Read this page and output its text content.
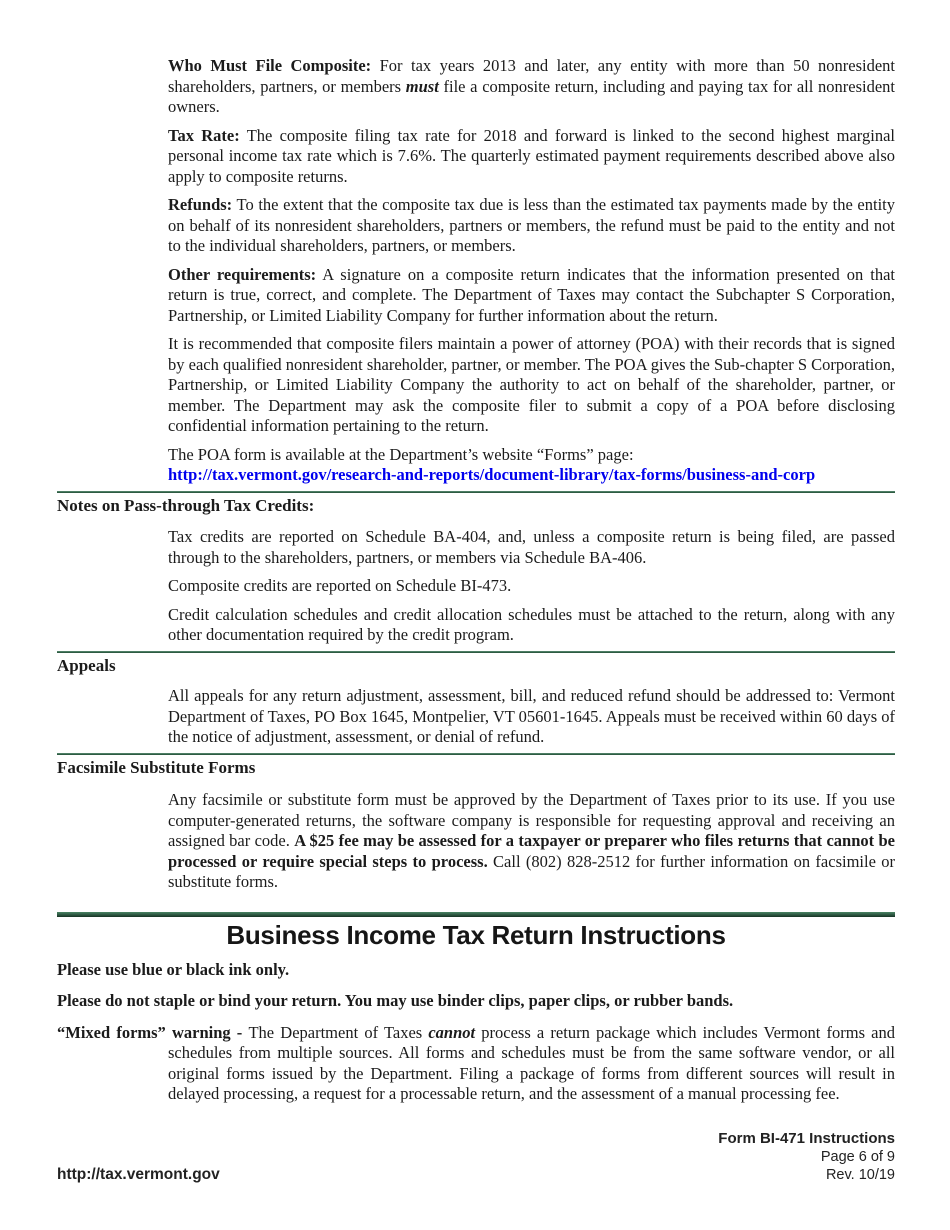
Who Must File Composite: For tax years 2013 and later, any entity with more than 50 nonresident shareholders, partners, or members must file a composite return, including and paying tax for all nonresident owners.

Tax Rate: The composite filing tax rate for 2018 and forward is linked to the second highest marginal personal income tax rate which is 7.6%. The quarterly estimated payment requirements described above also apply to composite returns.

Refunds: To the extent that the composite tax due is less than the estimated tax payments made by the entity on behalf of its nonresident shareholders, partners or members, the refund must be paid to the entity and not to the individual shareholders, partners, or members.

Other requirements: A signature on a composite return indicates that the information presented on that return is true, correct, and complete. The Department of Taxes may contact the Subchapter S Corporation, Partnership, or Limited Liability Company for further information about the return.

It is recommended that composite filers maintain a power of attorney (POA) with their records that is signed by each qualified nonresident shareholder, partner, or member. The POA gives the Sub-chapter S Corporation, Partnership, or Limited Liability Company the authority to act on behalf of the shareholder, partner, or member. The Department may ask the composite filer to submit a copy of a POA before disclosing confidential information pertaining to the return.

The POA form is available at the Department’s website “Forms” page:
http://tax.vermont.gov/research-and-reports/document-library/tax-forms/business-and-corp

Notes on Pass-through Tax Credits:

Tax credits are reported on Schedule BA-404, and, unless a composite return is being filed, are passed through to the shareholders, partners, or members via Schedule BA-406.

Composite credits are reported on Schedule BI-473.

Credit calculation schedules and credit allocation schedules must be attached to the return, along with any other documentation required by the credit program.

Appeals

All appeals for any return adjustment, assessment, bill, and reduced refund should be addressed to: Vermont Department of Taxes, PO Box 1645, Montpelier, VT 05601-1645. Appeals must be received within 60 days of the notice of adjustment, assessment, or denial of refund.

Facsimile Substitute Forms

Any facsimile or substitute form must be approved by the Department of Taxes prior to its use. If you use computer-generated returns, the software company is responsible for requesting approval and receiving an assigned bar code. A $25 fee may be assessed for a taxpayer or preparer who files returns that cannot be processed or require special steps to process. Call (802) 828-2512 for further information on facsimile or substitute forms.

Business Income Tax Return Instructions
Please use blue or black ink only.
Please do not staple or bind your return. You may use binder clips, paper clips, or rubber bands.

“Mixed forms” warning - The Department of Taxes cannot process a return package which includes Vermont forms and schedules from multiple sources. All forms and schedules must be from the same software vendor, or all original forms issued by the Department. Filing a package of forms from different sources will result in delayed processing, a request for a processable return, and the assessment of a manual processing fee.

http://tax.vermont.gov
Form BI-471 Instructions
Page 6 of 9
Rev. 10/19
